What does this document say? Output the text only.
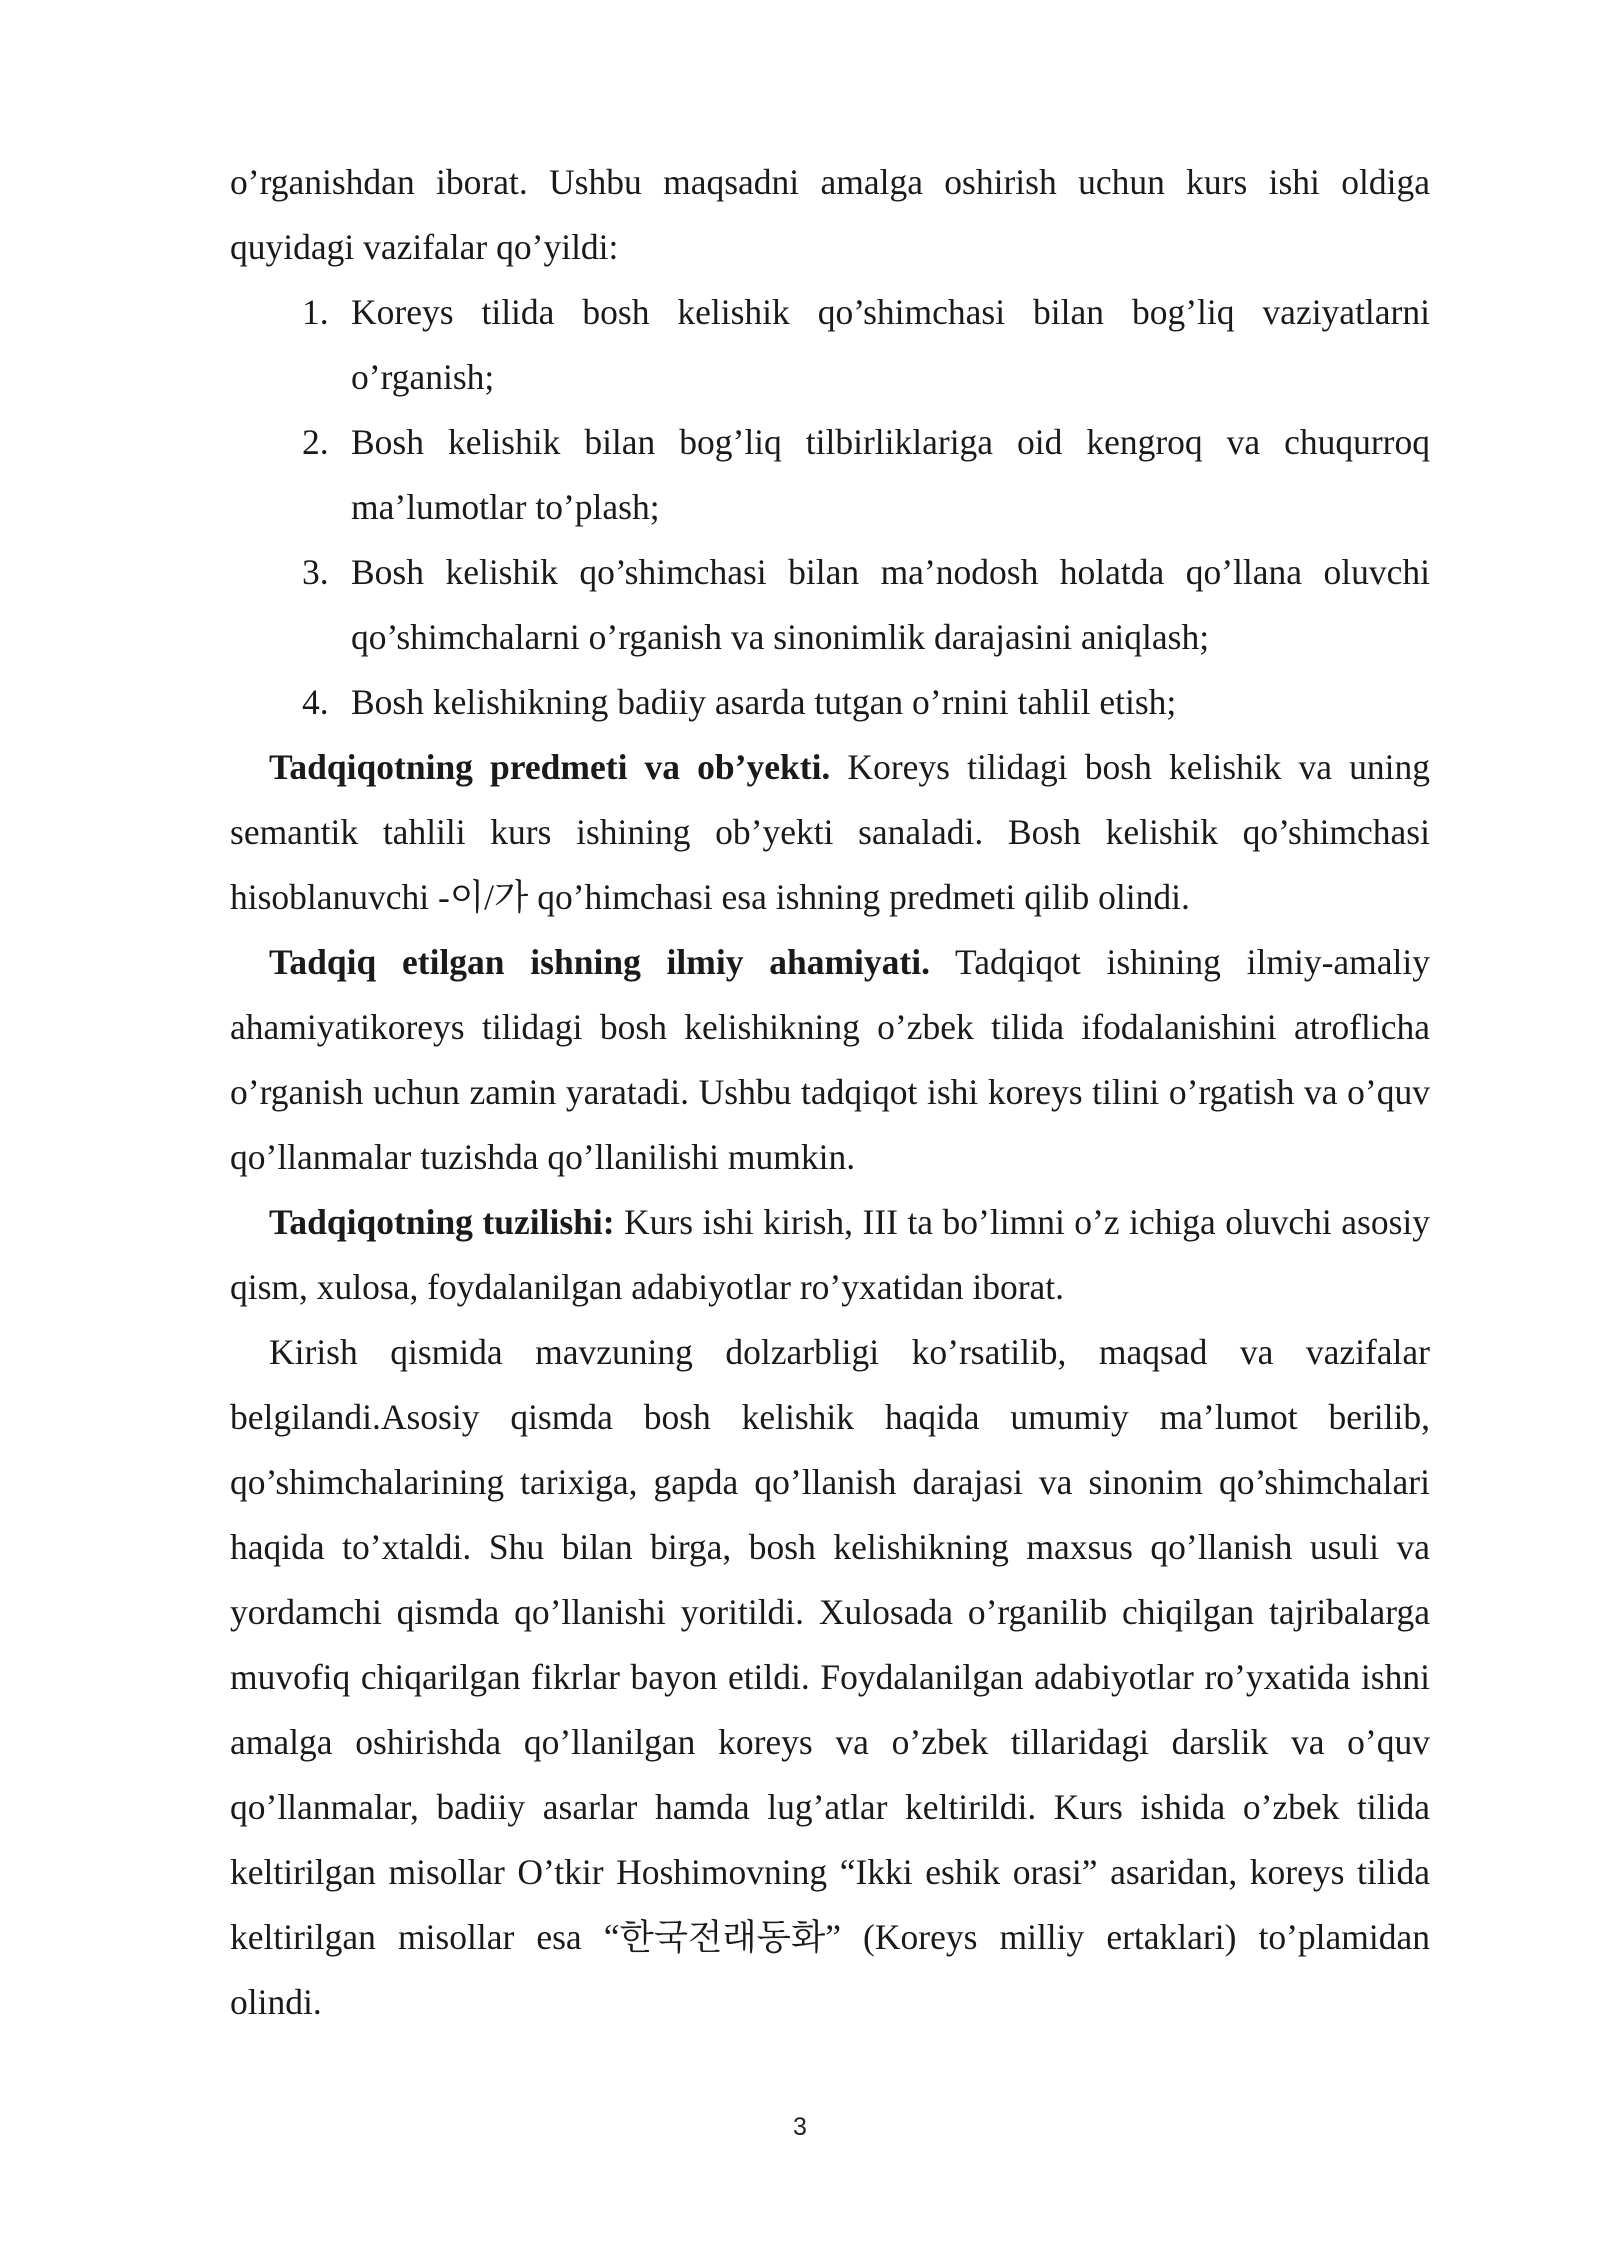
o’rganishdan iborat. Ushbu maqsadni amalga oshirish uchun kurs ishi oldiga quyidagi vazifalar qo’yildi:

1. Koreys tilida bosh kelishik qo’shimchasi bilan bog’liq vaziyatlarni o’rganish;
2. Bosh kelishik bilan bog’liq tilbirliklariga oid kengroq va chuqurroq ma’lumotlar to’plash;
3. Bosh kelishik qo’shimchasi bilan ma’nodosh holatda qo’llana oluvchi qo’shimchalarni o’rganish va sinonimlik darajasini aniqlash;
4. Bosh kelishikning badiiy asarda tutgan o’rnini tahlil etish;

Tadqiqotning predmeti va ob’yekti. Koreys tilidagi bosh kelishik va uning semantik tahlili kurs ishining ob’yekti sanaladi. Bosh kelishik qo’shimchasi hisoblanuvchi -이/가 qo’himchasi esa ishning predmeti qilib olindi.

Tadqiq etilgan ishning ilmiy ahamiyati. Tadqiqot ishining ilmiy-amaliy ahamiyatikoreys tilidagi bosh kelishikning o’zbek tilida ifodalanishini atroflicha o’rganish uchun zamin yaratadi. Ushbu tadqiqot ishi koreys tilini o’rgatish va o’quv qo’llanmalar tuzishda qo’llanilishi mumkin.

Tadqiqotning tuzilishi: Kurs ishi kirish, III ta bo’limni o’z ichiga oluvchi asosiy qism, xulosa, foydalanilgan adabiyotlar ro’yxatidan iborat.

Kirish qismida mavzuning dolzarbligi ko’rsatilib, maqsad va vazifalar belgilandi.Asosiy qismda bosh kelishik haqida umumiy ma’lumot berilib, qo’shimchalarining tarixiga, gapda qo’llanish darajasi va sinonim qo’shimchalari haqida to’xtaldi. Shu bilan birga, bosh kelishikning maxsus qo’llanish usuli va yordamchi qismda qo’llanishi yoritildi. Xulosada o’rganilib chiqilgan tajribalarga muvofiq chiqarilgan fikrlar bayon etildi. Foydalanilgan adabiyotlar ro’yxatida ishni amalga oshirishda qo’llanilgan koreys va o’zbek tillaridagi darslik va o’quv qo’llanmalar, badiiy asarlar hamda lug’atlar keltirildi. Kurs ishida o’zbek tilida keltirilgan misollar O’tkir Hoshimovning “Ikki eshik orasi” asaridan, koreys tilida keltirilgan misollar esa “한국전래동화” (Koreys milliy ertaklari) to’plamidan olindi.

3
